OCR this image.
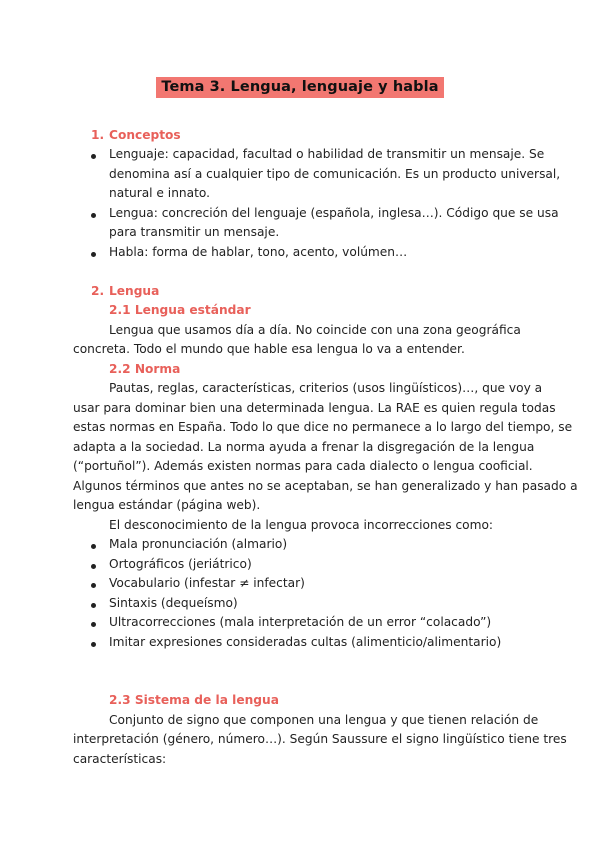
Tema 3. Lengua, lenguaje y habla
1. Conceptos
Lenguaje: capacidad, facultad o habilidad de transmitir un mensaje. Se
denomina así a cualquier tipo de comunicación. Es un producto universal,
natural e innato.
Lengua: concreción del lenguaje (española, inglesa…). Código que se usa
para transmitir un mensaje.
Habla: forma de hablar, tono, acento, volúmen…
2. Lengua
2.1 Lengua estándar
Lengua que usamos día a día. No coincide con una zona geográfica
concreta. Todo el mundo que hable esa lengua lo va a entender.
2.2 Norma
Pautas, reglas, características, criterios (usos lingüísticos)…, que voy a
usar para dominar bien una determinada lengua. La RAE es quien regula todas
estas normas en España. Todo lo que dice no permanece a lo largo del tiempo, se
adapta a la sociedad. La norma ayuda a frenar la disgregación de la lengua
(“portuñol”). Además existen normas para cada dialecto o lengua cooficial.
Algunos términos que antes no se aceptaban, se han generalizado y han pasado a
lengua estándar (página web).
El desconocimiento de la lengua provoca incorrecciones como:
Mala pronunciación (almario)
Ortográficos (jeriátrico)
Vocabulario (infestar ≠ infectar)
Sintaxis (dequeísmo)
Ultracorrecciones (mala interpretación de un error “colacado”)
Imitar expresiones consideradas cultas (alimenticio/alimentario)
2.3 Sistema de la lengua
Conjunto de signo que componen una lengua y que tienen relación de
interpretación (género, número…). Según Saussure el signo lingüístico tiene tres
características:
